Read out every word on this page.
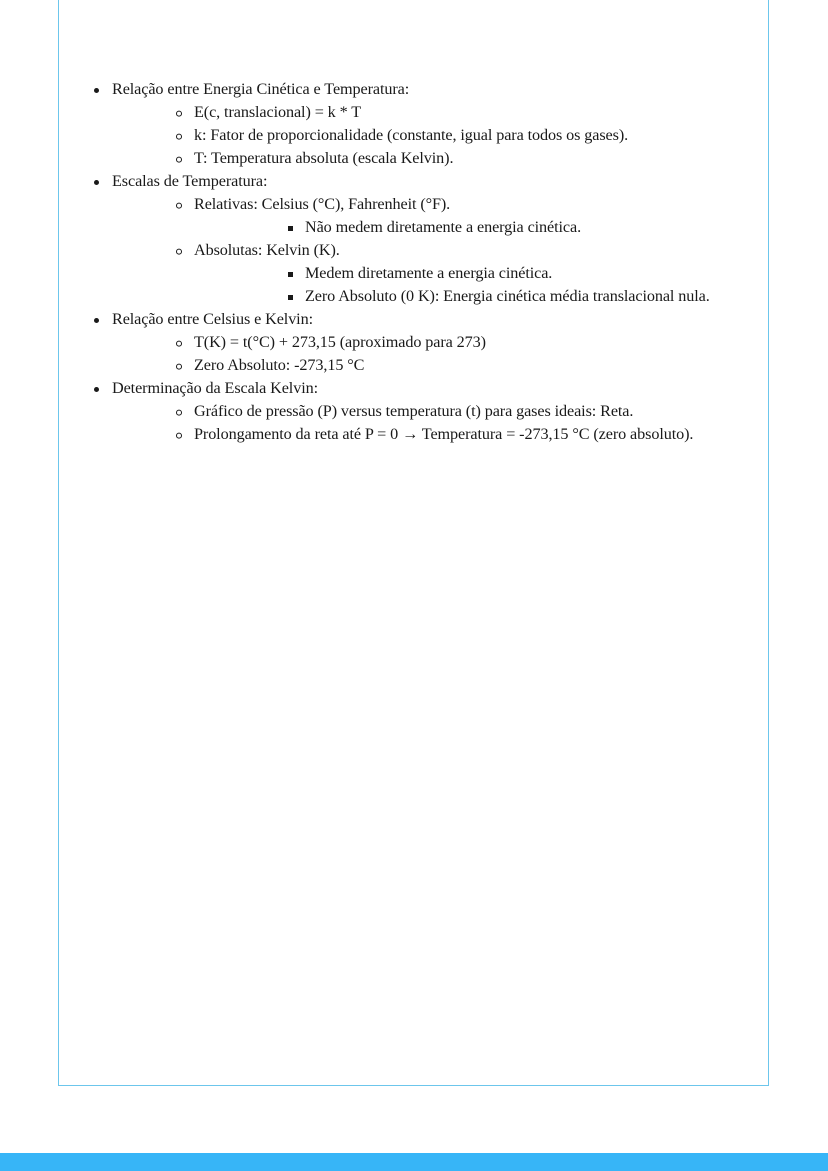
Relação entre Energia Cinética e Temperatura:
E(c, translacional) = k * T
k: Fator de proporcionalidade (constante, igual para todos os gases).
T: Temperatura absoluta (escala Kelvin).
Escalas de Temperatura:
Relativas: Celsius (°C), Fahrenheit (°F).
Não medem diretamente a energia cinética.
Absolutas: Kelvin (K).
Medem diretamente a energia cinética.
Zero Absoluto (0 K): Energia cinética média translacional nula.
Relação entre Celsius e Kelvin:
T(K) = t(°C) + 273,15 (aproximado para 273)
Zero Absoluto: -273,15 °C
Determinação da Escala Kelvin:
Gráfico de pressão (P) versus temperatura (t) para gases ideais: Reta.
Prolongamento da reta até P = 0 → Temperatura = -273,15 °C (zero absoluto).
